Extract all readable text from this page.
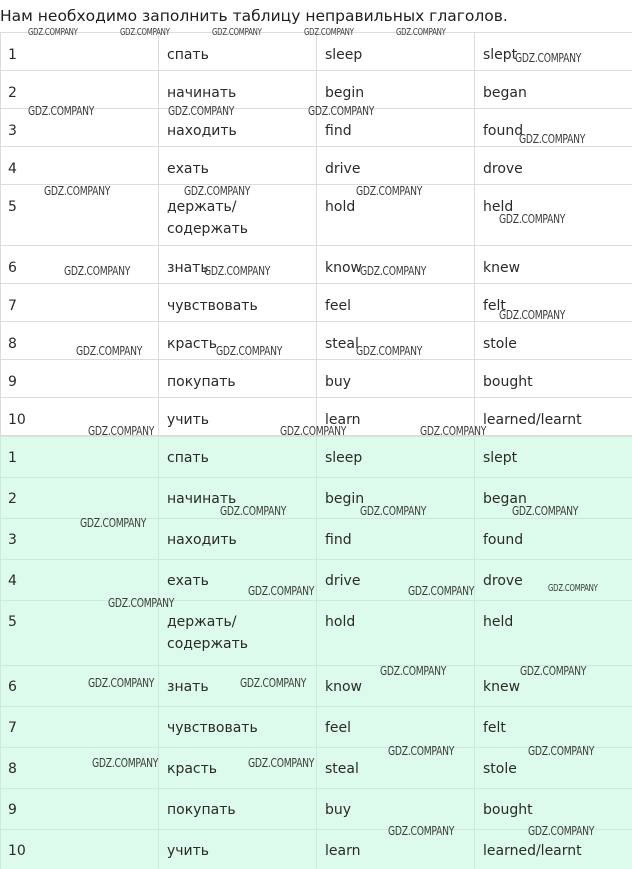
Нам необходимо заполнить таблицу неправильных глаголов.
1	спать	sleep	slept
2	начинать	begin	began
3	находить	find	found
4	ехать	drive	drove
5	держать/
содержать	hold	held
6	знать	know	knew
7	чувствовать	feel	felt
8	красть	steal	stole
9	покупать	buy	bought
10	учить	learn	learned/learnt
1	спать	sleep	slept
2	начинать	begin	began
3	находить	find	found
4	ехать	drive	drove
5	держать/
содержать	hold	held
6	знать	know	knew
7	чувствовать	feel	felt
8	красть	steal	stole
9	покупать	buy	bought
10	учить	learn	learned/learnt
GDZ.COMPANY	GDZ.COMPANY	GDZ.COMPANY	GDZ.COMPANY	GDZ.COMPANY
GDZ.COMPANY
GDZ.COMPANY	GDZ.COMPANY	GDZ.COMPANY
GDZ.COMPANY
GDZ.COMPANY	GDZ.COMPANY	GDZ.COMPANY
GDZ.COMPANY
GDZ.COMPANY	GDZ.COMPANY	GDZ.COMPANY
GDZ.COMPANY
GDZ.COMPANY	GDZ.COMPANY	GDZ.COMPANY
GDZ.COMPANY	GDZ.COMPANY	GDZ.COMPANY
GDZ.COMPANY	GDZ.COMPANY	GDZ.COMPANY
GDZ.COMPANY
GDZ.COMPANY	GDZ.COMPANY	GDZ.COMPANY
GDZ.COMPANY
GDZ.COMPANY	GDZ.COMPANY
GDZ.COMPANY	GDZ.COMPANY
GDZ.COMPANY	GDZ.COMPANY
GDZ.COMPANY	GDZ.COMPANY
GDZ.COMPANY	GDZ.COMPANY
